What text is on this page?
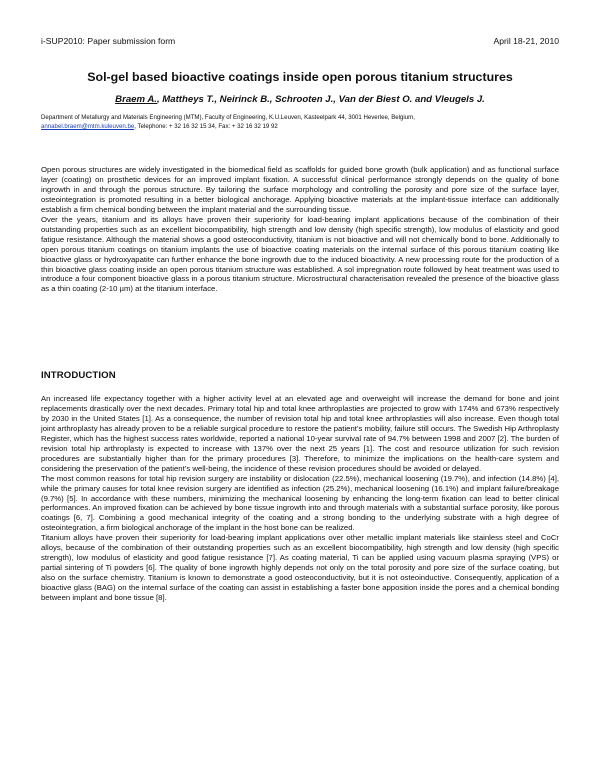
i-SUP2010: Paper submission form	April 18-21, 2010
Sol-gel based bioactive coatings inside open porous titanium structures
Braem A., Mattheys T., Neirinck B., Schrooten J., Van der Biest O. and Vleugels J.
Department of Metallurgy and Materials Engineering (MTM), Faculty of Engineering, K.U.Leuven, Kasteelpark 44, 3001 Heverlee, Belgium,
annabel.braem@mtm.kuleuven.be, Telephone: + 32 16 32 15 34, Fax: + 32 16 32 19 92

Open porous structures are widely investigated in the biomedical field as scaffolds for guided bone growth (bulk application) and as functional surface layer (coating) on prosthetic devices for an improved implant fixation. A successful clinical performance strongly depends on the quality of bone ingrowth in and through the porous structure. By tailoring the surface morphology and controlling the porosity and pore size of the surface layer, osteointegration is promoted resulting in a better biological anchorage. Applying bioactive materials at the implant-tissue interface can additionally establish a firm chemical bonding between the implant material and the surrounding tissue.

Over the years, titanium and its alloys have proven their superiority for load-bearing implant applications because of the combination of their outstanding properties such as an excellent biocompatibility, high strength and low density (high specific strength), low modulus of elasticity and good fatigue resistance. Although the material shows a good osteoconductivity, titanium is not bioactive and will not chemically bond to bone. Additionally to open porous titanium coatings on titanium implants the use of bioactive coating materials on the internal surface of this porous titanium coating like bioactive glass or hydroxyapatite can further enhance the bone ingrowth due to the induced bioactivity. A new processing route for the production of a thin bioactive glass coating inside an open porous titanium structure was established. A sol impregnation route followed by heat treatment was used to introduce a four component bioactive glass in a porous titanium structure. Microstructural characterisation revealed the presence of the bioactive glass as a thin coating (2-10 µm) at the titanium interface.

INTRODUCTION

An increased life expectancy together with a higher activity level at an elevated age and overweight will increase the demand for bone and joint replacements drastically over the next decades. Primary total hip and total knee arthroplasties are projected to grow with 174% and 673% respectively by 2030 in the United States [1]. As a consequence, the number of revision total hip and total knee arthroplasties will also increase. Even though total joint arthroplasty has already proven to be a reliable surgical procedure to restore the patient’s mobility, failure still occurs. The Swedish Hip Arthroplasty Register, which has the highest success rates worldwide, reported a national 10-year survival rate of 94.7% between 1998 and 2007 [2]. The burden of revision total hip arthroplasty is expected to increase with 137% over the next 25 years [1]. The cost and resource utilization for such revision procedures are substantially higher than for the primary procedures [3]. Therefore, to minimize the implications on the health-care system and considering the preservation of the patient’s well-being, the incidence of these revision procedures should be avoided or delayed.

The most common reasons for total hip revision surgery are instability or dislocation (22.5%), mechanical loosening (19.7%), and infection (14.8%) [4], while the primary causes for total knee revision surgery are identified as infection (25.2%), mechanical loosening (16.1%) and implant failure/breakage (9.7%) [5]. In accordance with these numbers, minimizing the mechanical loosening by enhancing the long-term fixation can lead to better clinical performances. An improved fixation can be achieved by bone tissue ingrowth into and through materials with a substantial surface porosity, like porous coatings [6, 7]. Combining a good mechanical integrity of the coating and a strong bonding to the underlying substrate with a high degree of osteointegration, a firm biological anchorage of the implant in the host bone can be realized.

Titanium alloys have proven their superiority for load-bearing implant applications over other metallic implant materials like stainless steel and CoCr alloys, because of the combination of their outstanding properties such as an excellent biocompatibility, high strength and low density (high specific strength), low modulus of elasticity and good fatigue resistance [7]. As coating material, Ti can be applied using vacuum plasma spraying (VPS) or partial sintering of Ti powders [6]. The quality of bone ingrowth highly depends not only on the total porosity and pore size of the surface coating, but also on the surface chemistry. Titanium is known to demonstrate a good osteoconductivity, but it is not osteoinductive. Consequently, application of a bioactive glass (BAG) on the internal surface of the coating can assist in establishing a faster bone apposition inside the pores and a chemical bonding between implant and bone tissue [8].
